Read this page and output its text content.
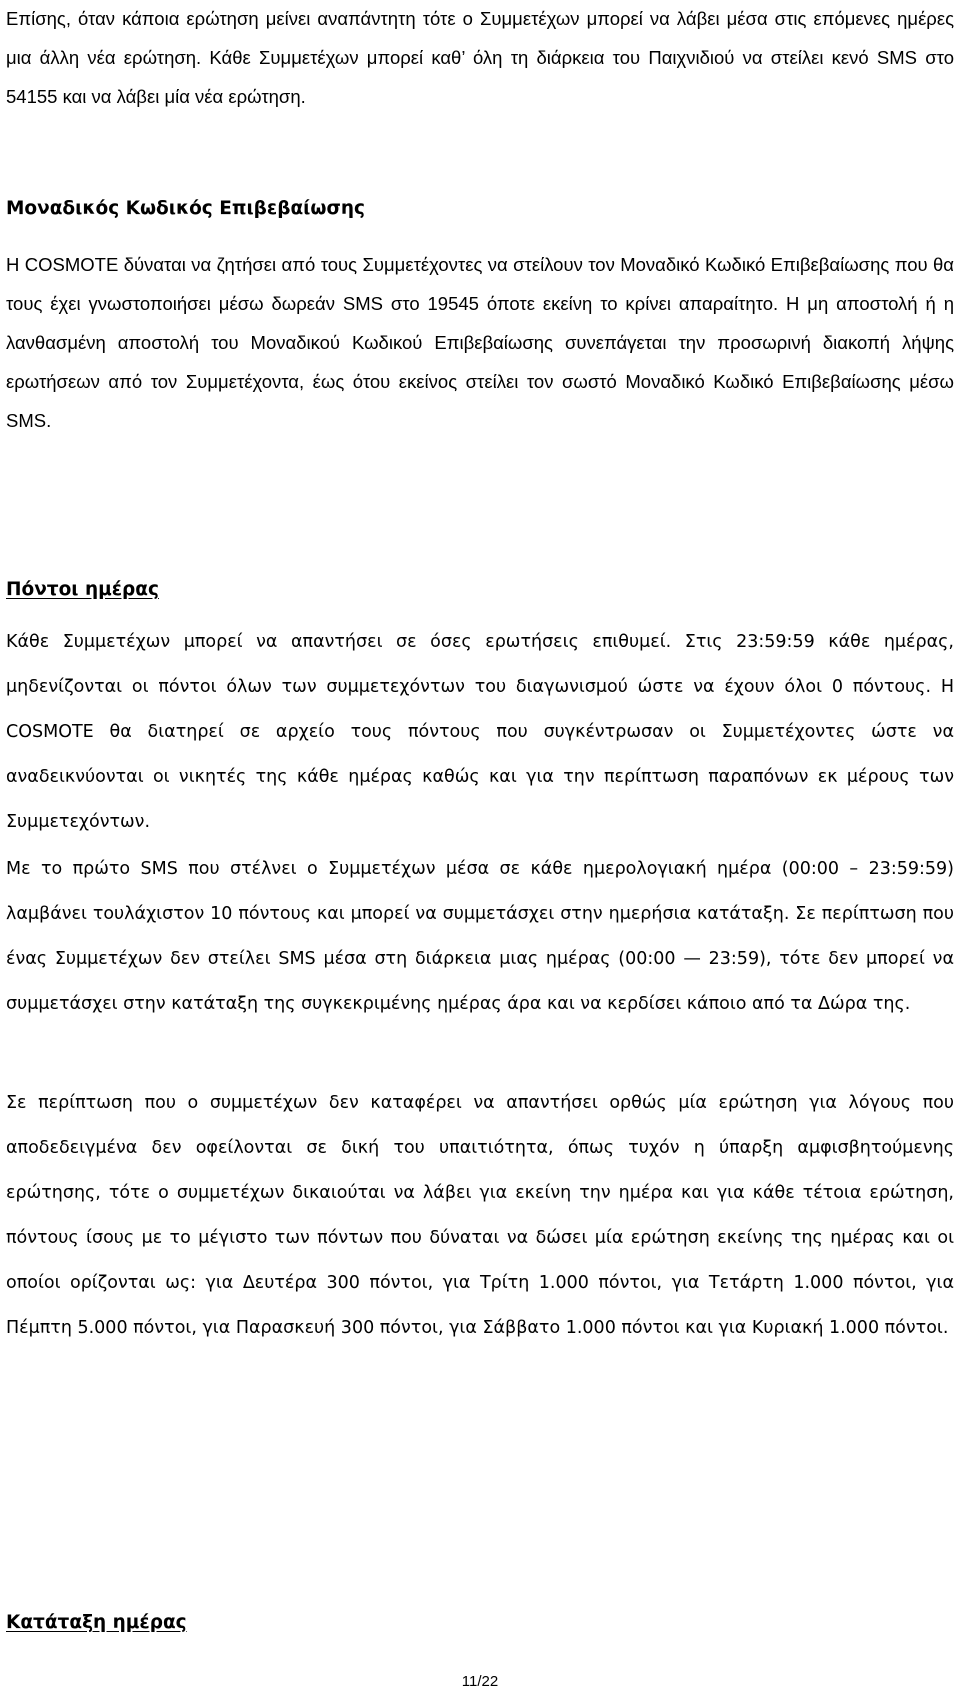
Επίσης, όταν κάποια ερώτηση μείνει αναπάντητη τότε ο Συμμετέχων μπορεί να λάβει μέσα στις επόμενες ημέρες μια άλλη νέα ερώτηση. Κάθε Συμμετέχων μπορεί καθ’ όλη τη διάρκεια του Παιχνιδιού να στείλει κενό SMS στο 54155 και να λάβει μία νέα ερώτηση.

Μοναδικός Κωδικός Επιβεβαίωσης

Η COSMOTE δύναται να ζητήσει από τους Συμμετέχοντες να στείλουν τον Μοναδικό Κωδικό Επιβεβαίωσης που θα τους έχει γνωστοποιήσει μέσω δωρεάν SMS στο 19545 όποτε εκείνη το κρίνει απαραίτητο. Η μη αποστολή ή η λανθασμένη αποστολή του Μοναδικού Κωδικού Επιβεβαίωσης συνεπάγεται την προσωρινή διακοπή λήψης ερωτήσεων από τον Συμμετέχοντα, έως ότου εκείνος στείλει τον σωστό Μοναδικό Κωδικό Επιβεβαίωσης μέσω SMS.

Πόντοι ημέρας

Κάθε Συμμετέχων μπορεί να απαντήσει σε όσες ερωτήσεις επιθυμεί. Στις 23:59:59 κάθε ημέρας, μηδενίζονται οι πόντοι όλων των συμμετεχόντων του διαγωνισμού ώστε να έχουν όλοι 0 πόντους. Η COSMOTE θα διατηρεί σε αρχείο τους πόντους που συγκέντρωσαν οι Συμμετέχοντες ώστε να αναδεικνύονται οι νικητές της κάθε ημέρας καθώς και για την περίπτωση παραπόνων εκ μέρους των Συμμετεχόντων.

Με το πρώτο SMS που στέλνει ο Συμμετέχων μέσα σε κάθε ημερολογιακή ημέρα (00:00 – 23:59:59) λαμβάνει τουλάχιστον 10 πόντους και μπορεί να συμμετάσχει στην ημερήσια κατάταξη. Σε περίπτωση που ένας Συμμετέχων δεν στείλει SMS μέσα στη διάρκεια μιας ημέρας (00:00 — 23:59), τότε δεν μπορεί να συμμετάσχει στην κατάταξη της συγκεκριμένης ημέρας άρα και να κερδίσει κάποιο από τα Δώρα της.

Σε περίπτωση που ο συμμετέχων δεν καταφέρει να απαντήσει ορθώς μία ερώτηση για λόγους που αποδεδειγμένα δεν οφείλονται σε δική του υπαιτιότητα, όπως τυχόν η ύπαρξη αμφισβητούμενης ερώτησης, τότε ο συμμετέχων δικαιούται να λάβει για εκείνη την ημέρα και για κάθε τέτοια ερώτηση, πόντους ίσους με το μέγιστο των πόντων που δύναται να δώσει μία ερώτηση εκείνης της ημέρας και οι οποίοι ορίζονται ως: για Δευτέρα 300 πόντοι, για Τρίτη 1.000 πόντοι, για Τετάρτη 1.000 πόντοι, για Πέμπτη 5.000 πόντοι, για Παρασκευή 300 πόντοι, για Σάββατο 1.000 πόντοι και για Κυριακή 1.000 πόντοι.

Κατάταξη ημέρας
11/22
